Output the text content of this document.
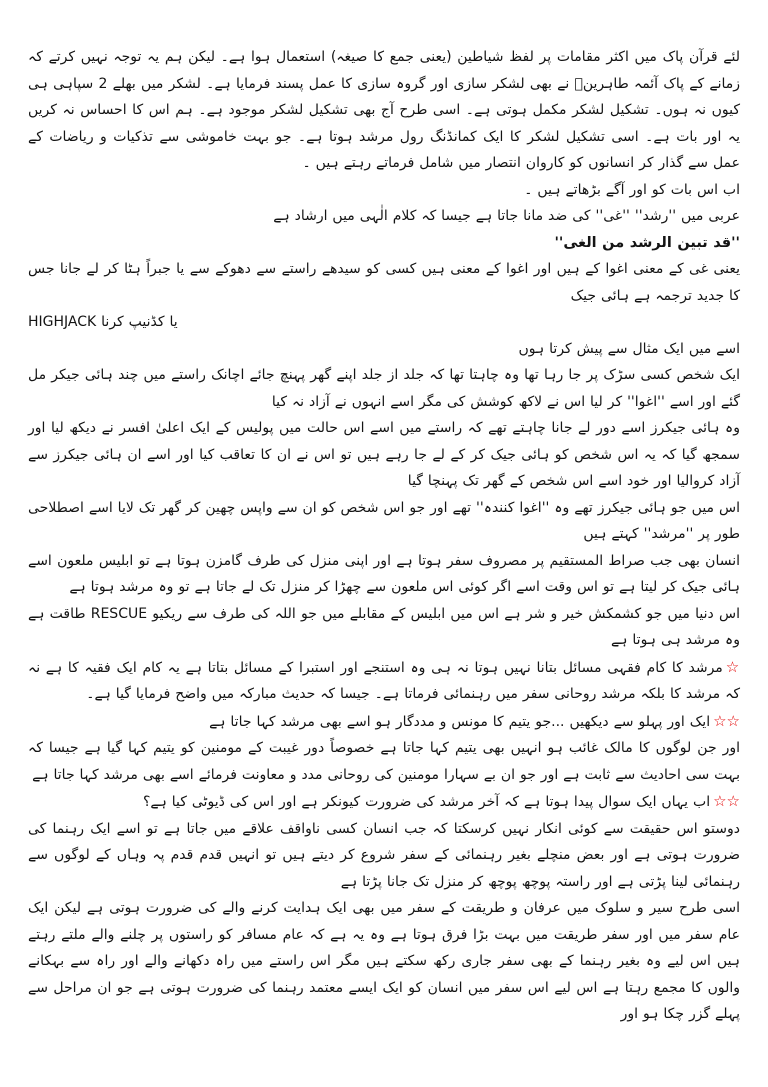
لئے قرآن پاک میں اکثر مقامات پر لفظ شیاطین (یعنی جمع کا صیغہ) استعمال ہوا ہے۔ لیکن ہم یہ توجہ نہیں کرتے کہ زمانے کے پاک آئمہ طاہرینؑ نے بھی لشکر سازی اور گروہ سازی کا عمل پسند فرمایا ہے۔ لشکر میں بھلے 2 سپاہی ہی کیوں نہ ہوں۔ تشکیل لشکر مکمل ہوتی ہے۔ اسی طرح آج بھی تشکیل لشکر موجود ہے۔ ہم اس کا احساس نہ کریں یہ اور بات ہے۔ اسی تشکیل لشکر کا ایک کمانڈنگ رول مرشد ہوتا ہے۔ جو بہت خاموشی سے تذکیات و ریاضات کے عمل سے گذار کر انسانوں کو کاروان انتصار میں شامل فرماتے رہتے ہیں ۔

اب اس بات کو اور آگے بڑھاتے ہیں ۔

عربی میں ''رشد'' ''غی'' کی ضد مانا جاتا ہے جیسا کہ کلام الٰہی میں ارشاد ہے

''قد تبین الرشد من الغی''

یعنی غی کے معنی اغوا کے ہیں اور اغوا کے معنی ہیں کسی کو سیدھے راستے سے دھوکے سے یا جبراً ہٹا کر لے جانا جس کا جدید ترجمہ ہے ہائی جیک

HIGHJACK یا کڈنیپ کرنا

اسے میں ایک مثال سے پیش کرتا ہوں

ایک شخص کسی سڑک پر جا رہا تھا وہ چاہتا تھا کہ جلد از جلد اپنے گھر پہنچ جائے اچانک راستے میں چند ہائی جیکر مل گئے اور اسے ''اغوا'' کر لیا اس نے لاکھ کوشش کی مگر اسے انہوں نے آزاد نہ کیا

وہ ہائی جیکرز اسے دور لے جانا چاہتے تھے کہ راستے میں اسے اس حالت میں پولیس کے ایک اعلیٰ افسر نے دیکھ لیا اور سمجھ گیا کہ یہ اس شخص کو ہائی جیک کر کے لے جا رہے ہیں تو اس نے ان کا تعاقب کیا اور اسے ان ہائی جیکرز سے آزاد کروالیا اور خود اسے اس شخص کے گھر تک پہنچا گیا

اس میں جو ہائی جیکرز تھے وہ ''اغوا کنندہ'' تھے اور جو اس شخص کو ان سے واپس چھین کر گھر تک لایا اسے اصطلاحی طور پر ''مرشد'' کہتے ہیں

انسان بھی جب صراط المستقیم پر مصروف سفر ہوتا ہے اور اپنی منزل کی طرف گامزن ہوتا ہے تو ابلیس ملعون اسے ہائی جیک کر لیتا ہے تو اس وقت اسے اگر کوئی اس ملعون سے چھڑا کر منزل تک لے جاتا ہے تو وہ مرشد ہوتا ہے

اس دنیا میں جو کشمکش خیر و شر ہے اس میں ابلیس کے مقابلے میں جو اللہ کی طرف سے ریکیو RESCUE طاقت ہے وہ مرشد ہی ہوتا ہے

☆مرشد کا کام فقہی مسائل بتانا نہیں ہوتا نہ ہی وہ استنجے اور استبرا کے مسائل بتاتا ہے یہ کام ایک فقیہ کا ہے نہ کہ مرشد کا بلکہ مرشد روحانی سفر میں رہنمائی فرماتا ہے۔ جیسا کہ حدیث مبارکہ میں واضح فرمایا گیا ہے۔

☆☆ایک اور پہلو سے دیکھیں ...جو یتیم کا مونس و مددگار ہو اسے بھی مرشد کہا جاتا ہے

اور جن لوگوں کا مالک غائب ہو انہیں بھی یتیم کہا جاتا ہے خصوصاً دور غیبت کے مومنین کو یتیم کہا گیا ہے جیسا کہ بہت سی احادیث سے ثابت ہے اور جو ان بے سہارا مومنین کی روحانی مدد و معاونت فرمائے اسے بھی مرشد کہا جاتا ہے

☆☆اب یہاں ایک سوال پیدا ہوتا ہے کہ آخر مرشد کی ضرورت کیونکر ہے اور اس کی ڈیوٹی کیا ہے؟

دوستو اس حقیقت سے کوئی انکار نہیں کرسکتا کہ جب انسان کسی ناواقف علاقے میں جاتا ہے تو اسے ایک رہنما کی ضرورت ہوتی ہے اور بعض منچلے بغیر رہنمائی کے سفر شروع کر دیتے ہیں تو انہیں قدم قدم پہ وہاں کے لوگوں سے رہنمائی لینا پڑتی ہے اور راستہ پوچھ پوچھ کر منزل تک جانا پڑتا ہے

اسی طرح سیر و سلوک میں عرفان و طریقت کے سفر میں بھی ایک ہدایت کرنے والے کی ضرورت ہوتی ہے لیکن ایک عام سفر میں اور سفر طریقت میں بہت بڑا فرق ہوتا ہے وہ یہ ہے کہ عام مسافر کو راستوں پر چلنے والے ملتے رہتے ہیں اس لیے وہ بغیر رہنما کے بھی سفر جاری رکھ سکتے ہیں مگر اس راستے میں راہ دکھانے والے اور راہ سے بہکانے والوں کا مجمع رہتا ہے اس لیے اس سفر میں انسان کو ایک ایسے معتمد رہنما کی ضرورت ہوتی ہے جو ان مراحل سے پہلے گزر چکا ہو اور
